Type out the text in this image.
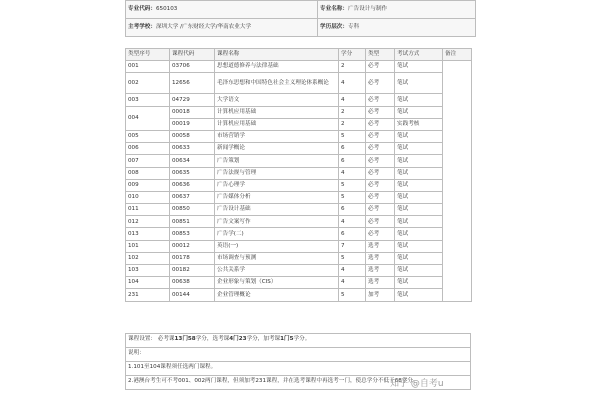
专业代码：650103	专业名称：广告设计与制作
主考学校：深圳大学 /广东财经大学/华南农业大学	学历层次：专科
类型序号	课程代码	课程名称	学分	类型	考试方式	备注
001	03706	思想道德修养与法律基础	2	必考	笔试	
002	12656	毛泽东思想和中国特色社会主义理论体系概论	4	必考	笔试	
003	04729	大学语文	4	必考	笔试	
004	00018	计算机应用基础	2	必考	笔试	
	00019	计算机应用基础	2	必考	实践考核	
005	00058	市场营销学	5	必考	笔试	
006	00633	新闻学概论	6	必考	笔试	
007	00634	广告策划	6	必考	笔试	
008	00635	广告法规与管理	4	必考	笔试	
009	00636	广告心理学	5	必考	笔试	
010	00637	广告媒体分析	5	必考	笔试	
011	00850	广告设计基础	6	必考	笔试	
012	00851	广告文案写作	4	必考	笔试	
013	00853	广告学(二)	6	必考	笔试	
101	00012	英语(一)	7	选考	笔试	
102	00178	市场调查与预测	5	选考	笔试	
103	00182	公共关系学	4	选考	笔试	
104	00638	企业形象与策划（CIS）	4	选考	笔试	
231	00144	企业管理概论	5	加考	笔试	
课程设置： 必考课13门58学分，选考课4门23学分，加考课1门5学分。
说明：
1.101至104课程须任选两门课程。
2.港澳台考生可不考001、002两门课程，但须加考231课程，并在选考课程中再选考一门，使总学分不低于68学分。
知乎 @自考u
